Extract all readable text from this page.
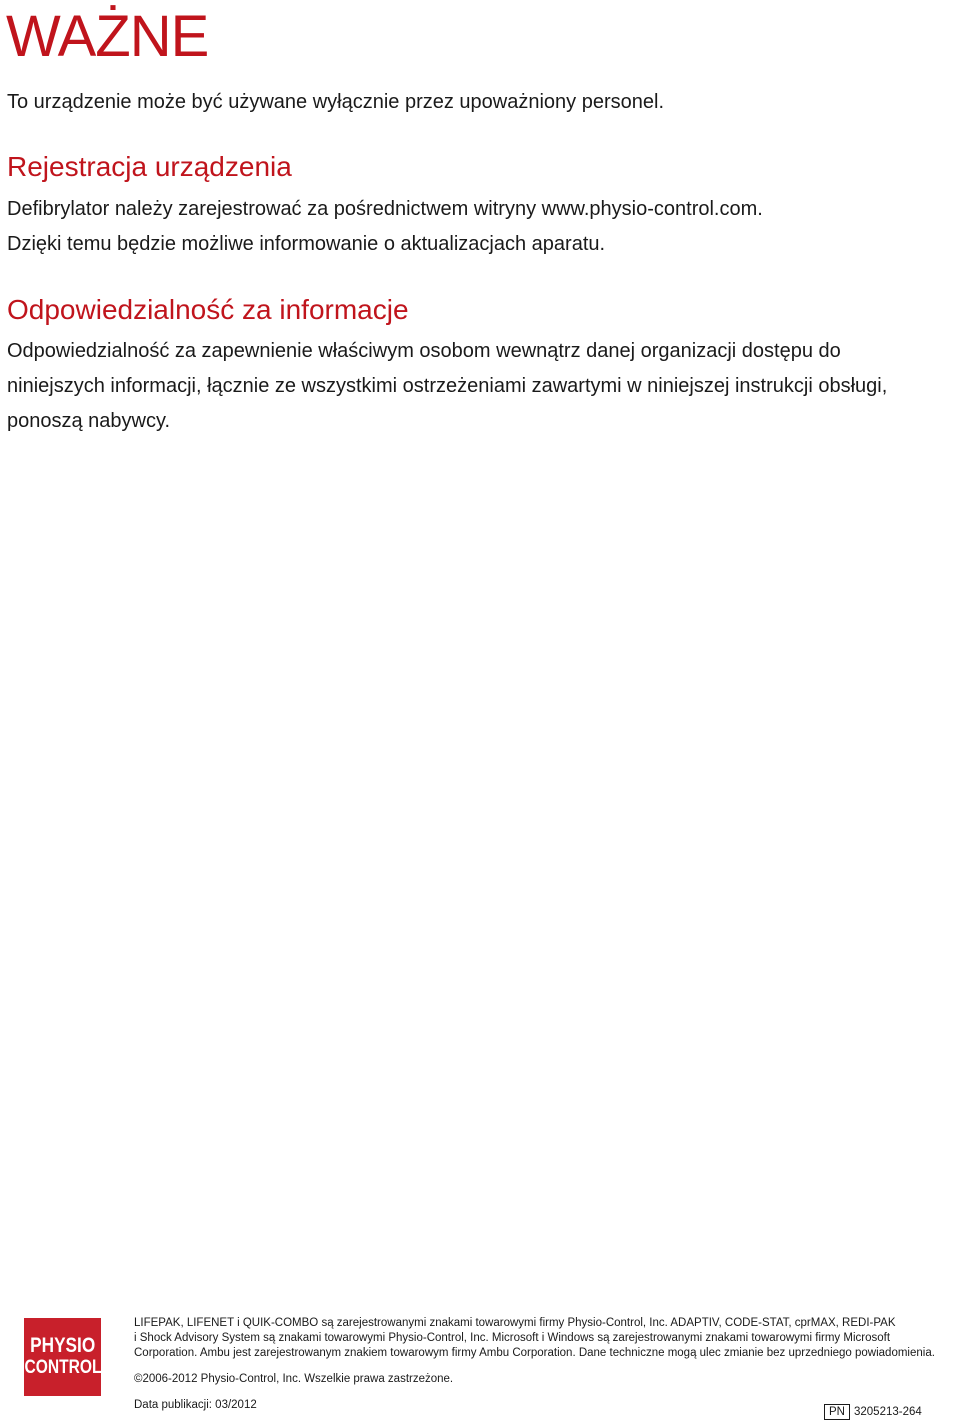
WAŻNE

To urządzenie może być używane wyłącznie przez upoważniony personel.

Rejestracja urządzenia

Defibrylator należy zarejestrować za pośrednictwem witryny www.physio-control.com.
Dzięki temu będzie możliwe informowanie o aktualizacjach aparatu.

Odpowiedzialność za informacje

Odpowiedzialność za zapewnienie właściwym osobom wewnątrz danej organizacji dostępu do
niniejszych informacji, łącznie ze wszystkimi ostrzeżeniami zawartymi w niniejszej instrukcji obsługi,
ponoszą nabywcy.

PHYSIO
CONTROL

LIFEPAK, LIFENET i QUIK-COMBO są zarejestrowanymi znakami towarowymi firmy Physio-Control, Inc. ADAPTIV, CODE-STAT, cprMAX, REDI-PAK
i Shock Advisory System są znakami towarowymi Physio-Control, Inc. Microsoft i Windows są zarejestrowanymi znakami towarowymi firmy Microsoft
Corporation. Ambu jest zarejestrowanym znakiem towarowym firmy Ambu Corporation. Dane techniczne mogą ulec zmianie bez uprzedniego powiadomienia.

©2006-2012 Physio-Control, Inc. Wszelkie prawa zastrzeżone.

Data publikacji: 03/2012

PN 3205213-264
